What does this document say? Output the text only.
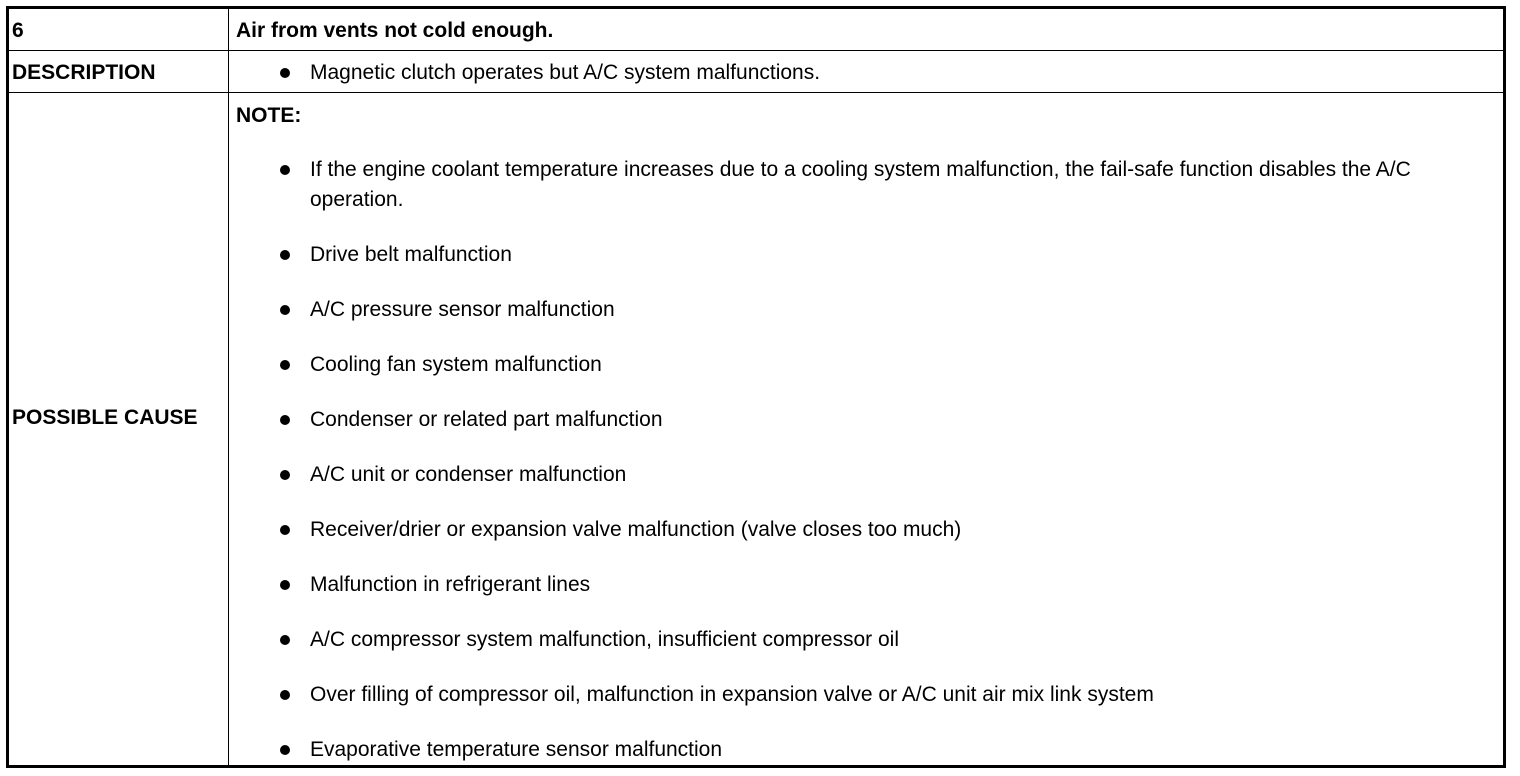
6	Air from vents not cold enough.
DESCRIPTION	Magnetic clutch operates but A/C system malfunctions.
POSSIBLE CAUSE
NOTE:
If the engine coolant temperature increases due to a cooling system malfunction, the fail-safe function disables the A/C operation.
Drive belt malfunction
A/C pressure sensor malfunction
Cooling fan system malfunction
Condenser or related part malfunction
A/C unit or condenser malfunction
Receiver/drier or expansion valve malfunction (valve closes too much)
Malfunction in refrigerant lines
A/C compressor system malfunction, insufficient compressor oil
Over filling of compressor oil, malfunction in expansion valve or A/C unit air mix link system
Evaporative temperature sensor malfunction
